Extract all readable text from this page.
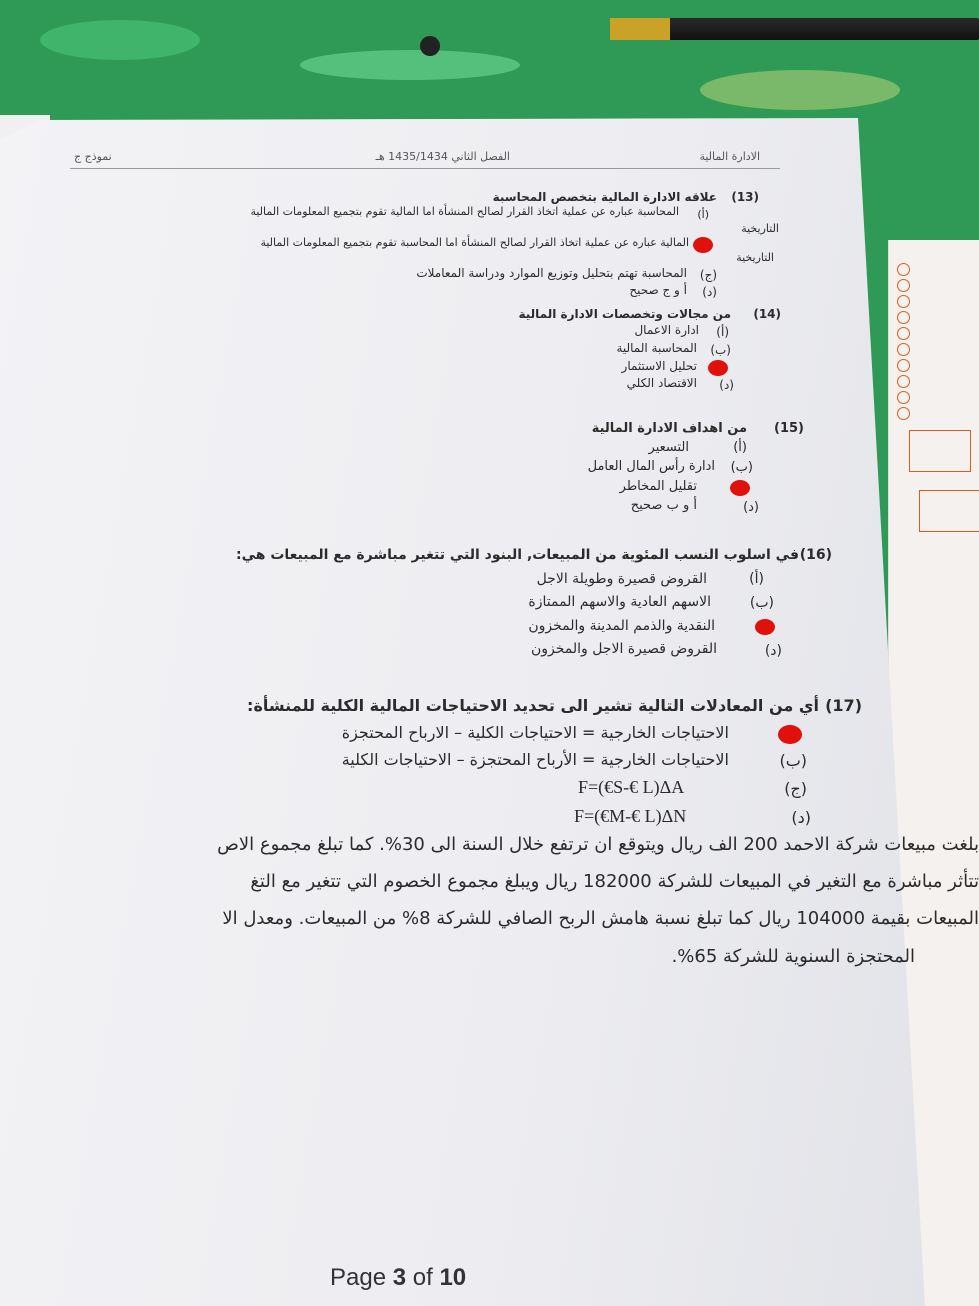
الادارة المالية
الفصل الثاني 1435/1434 هـ
نموذج ج
(13)
علاقه الادارة المالية بتخصص المحاسبة
(أ)
المحاسبة عباره عن عملية اتخاذ القرار لصالح المنشأة اما المالية تقوم بتجميع المعلومات المالية
التاريخية
المالية عباره عن عملية اتخاذ القرار لصالح المنشأة اما المحاسبة تقوم بتجميع المعلومات المالية
التاريخية
(ج)
المحاسبة تهتم بتحليل وتوزيع الموارد ودراسة المعاملات
(د)
أ و ج صحيح
(14)
من مجالات وتخصصات الادارة المالية
(أ)
ادارة الاعمال
(ب)
المحاسبة المالية
تحليل الاستثمار
(د)
الاقتصاد الكلي
(15)
من اهداف الادارة المالية
(أ)
التسعير
(ب)
ادارة رأس المال العامل
تقليل المخاطر
(د)
أ و ب صحيح
(16)
في اسلوب النسب المئوية من المبيعات, البنود التي تتغير مباشرة مع المبيعات هي:
(أ)
القروض قصيرة وطويلة الاجل
(ب)
الاسهم العادية والاسهم الممتازة
النقدية والذمم المدينة والمخزون
(د)
القروض قصيرة الاجل والمخزون
(17)
أي من المعادلات التالية تشير الى تحديد الاحتياجات المالية الكلية للمنشأة:
الاحتياجات الخارجية = الاحتياجات الكلية – الارباح المحتجزة
(ب)
الاحتياجات الخارجية = الأرباح المحتجزة – الاحتياجات الكلية
(ج)
F=(€S-€ L)ΔA
(د)
F=(€M-€ L)ΔN
بلغت مبيعات شركة الاحمد 200 الف ريال ويتوقع ان ترتفع خلال السنة الى 30%. كما تبلغ مجموع الاص
تتأثر مباشرة مع التغير في المبيعات للشركة 182000 ريال ويبلغ مجموع الخصوم التي تتغير مع التغ
المبيعات بقيمة 104000 ريال كما تبلغ نسبة هامش الربح الصافي للشركة 8% من المبيعات. ومعدل الا
المحتجزة السنوية للشركة 65%.
Page 3 of 10
